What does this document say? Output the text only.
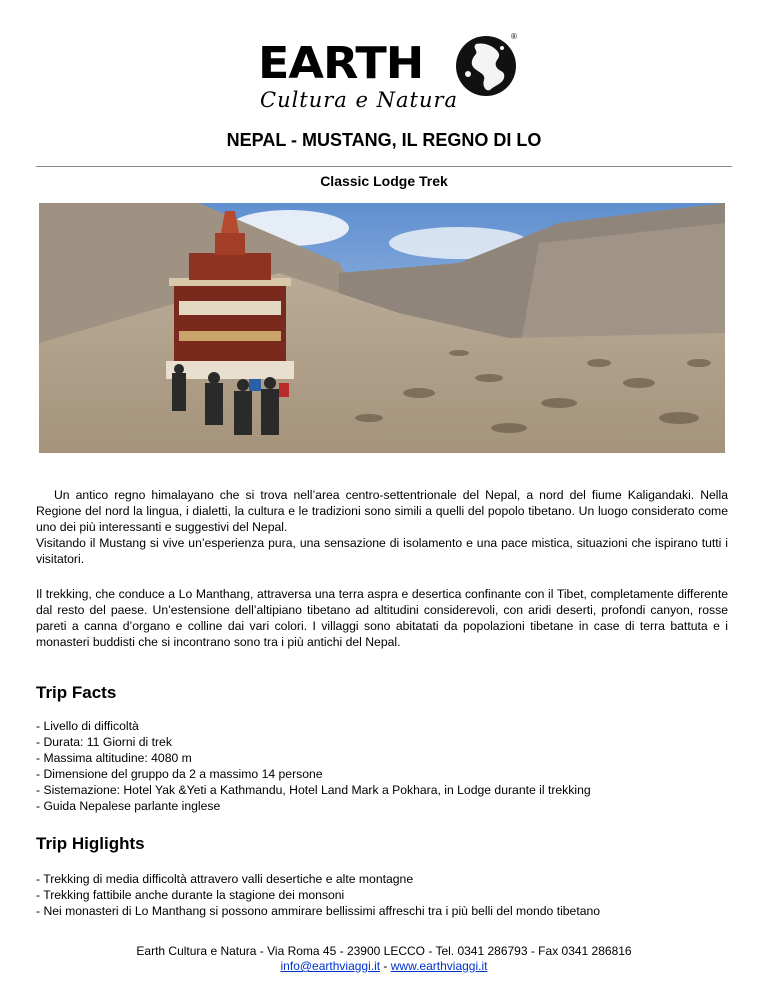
EARTH
®
Cultura e Natura
NEPAL - MUSTANG, IL REGNO DI LO
Classic Lodge Trek
Un antico regno himalayano che si trova nell’area centro-settentrionale del Nepal, a nord del fiume Kaligandaki. Nella Regione del nord la lingua, i dialetti, la cultura e le tradizioni sono simili a quelli del popolo tibetano. Un luogo considerato come uno dei più interessanti e suggestivi del Nepal.
Visitando il Mustang si vive un’esperienza pura, una sensazione di isolamento e una pace mistica, situazioni che ispirano tutti i visitatori.
Il trekking, che conduce a Lo Manthang, attraversa una terra aspra e desertica confinante con il Tibet, completamente differente dal resto del paese. Un’estensione dell’altipiano tibetano ad altitudini considerevoli, con aridi deserti, profondi canyon, rosse pareti a canna d’organo e colline dai vari colori. I villaggi sono abitatati da popolazioni tibetane in case di terra battuta e i monasteri buddisti che si incontrano sono tra i più antichi del Nepal.
Trip Facts
- Livello di difficoltà
- Durata: 11 Giorni di trek
- Massima altitudine: 4080 m
- Dimensione del gruppo da 2 a massimo 14 persone
- Sistemazione: Hotel Yak &Yeti a Kathmandu, Hotel Land Mark a Pokhara, in Lodge durante il trekking
- Guida Nepalese parlante inglese
Trip Higlights
- Trekking di media difficoltà attravero valli desertiche e alte montagne
- Trekking fattibile anche durante la stagione dei monsoni
- Nei monasteri di Lo Manthang si possono ammirare bellissimi affreschi tra i più belli del mondo tibetano
Earth Cultura e Natura - Via Roma 45 - 23900 LECCO - Tel. 0341 286793 - Fax 0341 286816
info@earthviaggi.it - www.earthviaggi.it
